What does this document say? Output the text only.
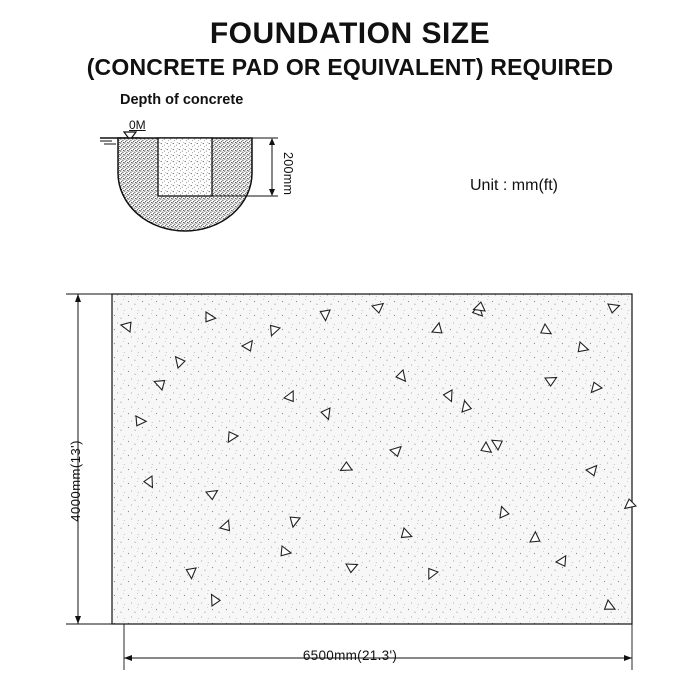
FOUNDATION SIZE
(CONCRETE PAD OR EQUIVALENT) REQUIRED
Depth of concrete
Unit : mm(ft)
0M
200mm
4000mm(13')
6500mm(21.3')
